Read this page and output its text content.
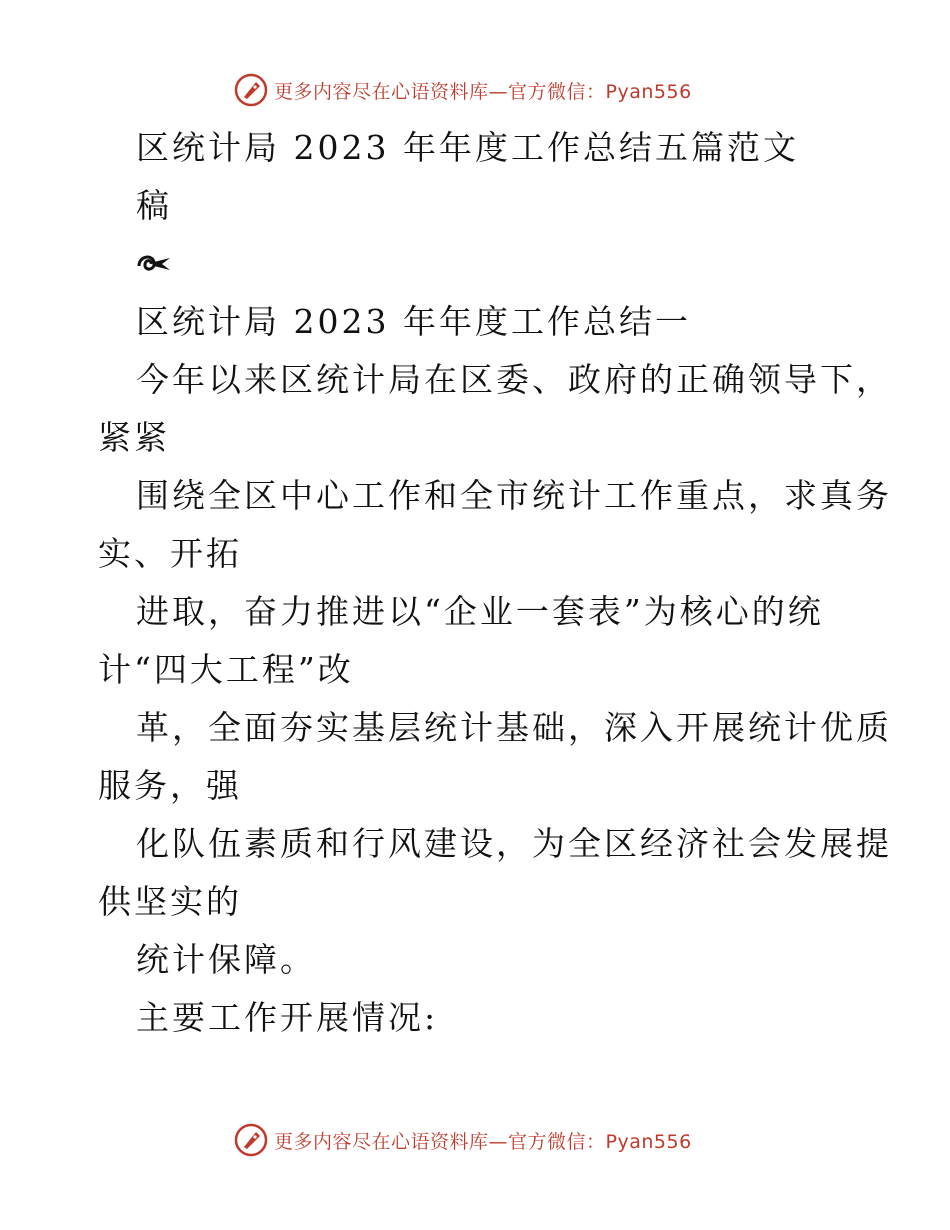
更多内容尽在心语资料库—官方微信：Pyan556
区统计局 2023 年年度工作总结五篇范文
稿
区统计局 2023 年年度工作总结一
今年以来区统计局在区委、政府的正确领导下，
紧紧
围绕全区中心工作和全市统计工作重点，求真务
实、开拓
进取，奋力推进以“企业一套表”为核心的统
计“四大工程”改
革，全面夯实基层统计基础，深入开展统计优质
服务，强
化队伍素质和行风建设，为全区经济社会发展提
供坚实的
统计保障。
主要工作开展情况:
更多内容尽在心语资料库—官方微信：Pyan556
